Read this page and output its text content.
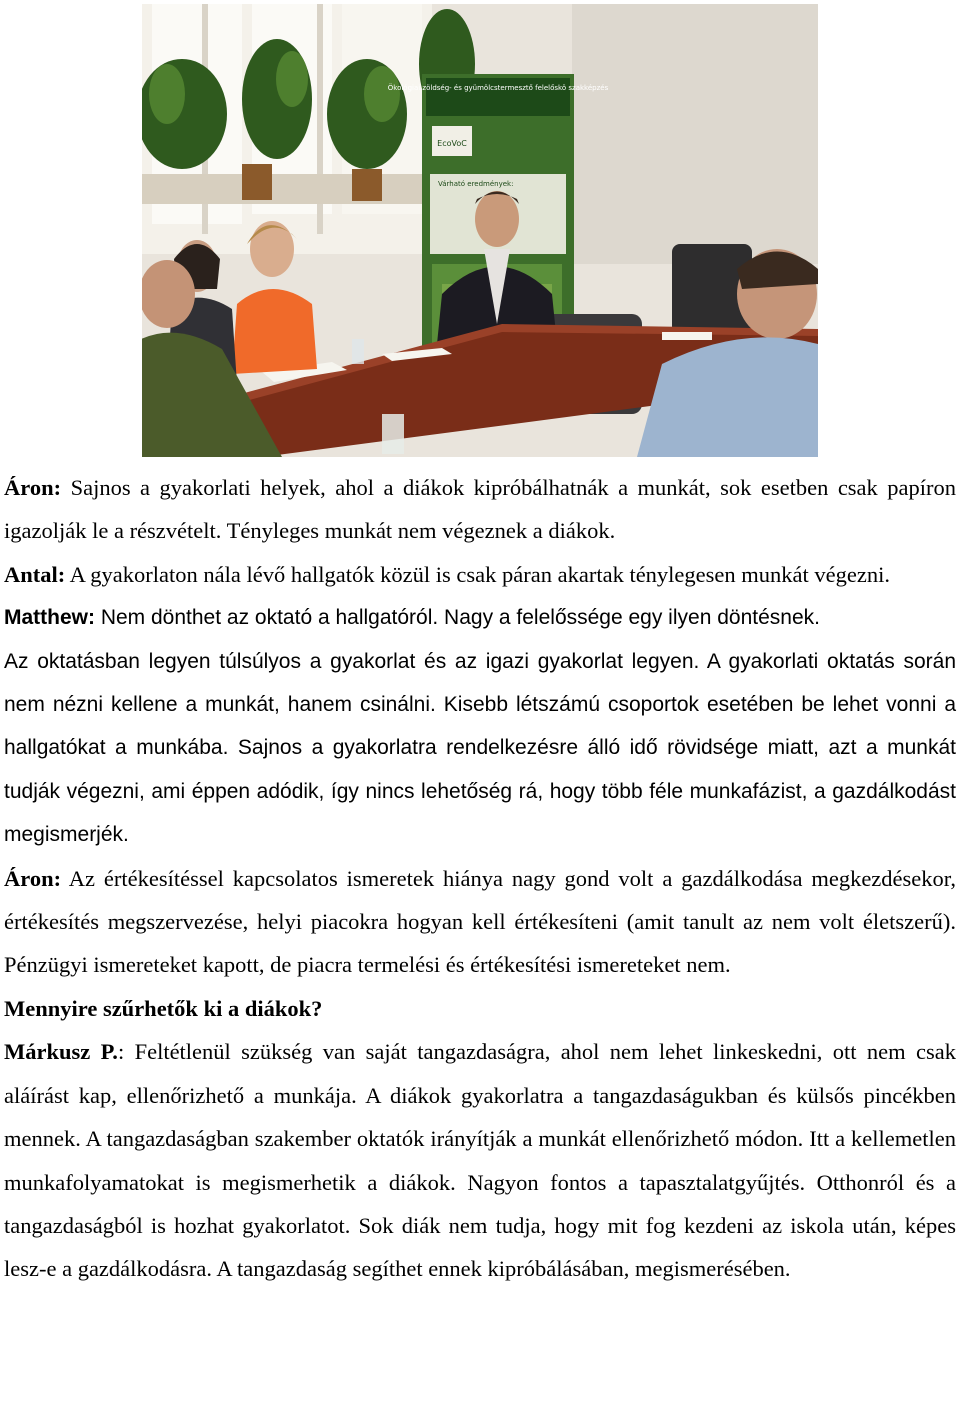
Ökológiai zöldség- és gyümölcstermesztő felelőskö szakképzés
EcoVoC
Várható eredmények:

Áron: Sajnos a gyakorlati helyek, ahol a diákok kipróbálhatnák a munkát, sok esetben csak papíron igazolják le a részvételt. Tényleges munkát nem végeznek a diákok.

Antal: A gyakorlaton nála lévő hallgatók közül is csak páran akartak ténylegesen munkát végezni.

Matthew: Nem dönthet az oktató a hallgatóról. Nagy a felelőssége egy ilyen döntésnek.

Az oktatásban legyen túlsúlyos a gyakorlat és az igazi gyakorlat legyen. A gyakorlati oktatás során nem nézni kellene a munkát, hanem csinálni. Kisebb létszámú csoportok esetében be lehet vonni a hallgatókat a munkába. Sajnos a gyakorlatra rendelkezésre álló idő rövidsége miatt, azt a munkát tudják végezni, ami éppen adódik, így nincs lehetőség rá, hogy több féle munkafázist, a gazdálkodást megismerjék.

Áron: Az értékesítéssel kapcsolatos ismeretek hiánya nagy gond volt a gazdálkodása megkezdésekor, értékesítés megszervezése, helyi piacokra hogyan kell értékesíteni (amit tanult az nem volt életszerű). Pénzügyi ismereteket kapott, de piacra termelési és értékesítési ismereteket nem.

Mennyire szűrhetők ki a diákok?

Márkusz P.: Feltétlenül szükség van saját tangazdaságra, ahol nem lehet linkeskedni, ott nem csak aláírást kap, ellenőrizhető a munkája. A diákok gyakorlatra a tangazdaságukban és külsős pincékben mennek. A tangazdaságban szakember oktatók irányítják a munkát ellenőrizhető módon. Itt a kellemetlen munkafolyamatokat is megismerhetik a diákok. Nagyon fontos a tapasztalatgyűjtés. Otthonról és a tangazdaságból is hozhat gyakorlatot. Sok diák nem tudja, hogy mit fog kezdeni az iskola után, képes lesz-e a gazdálkodásra. A tangazdaság segíthet ennek kipróbálásában, megismerésében.
